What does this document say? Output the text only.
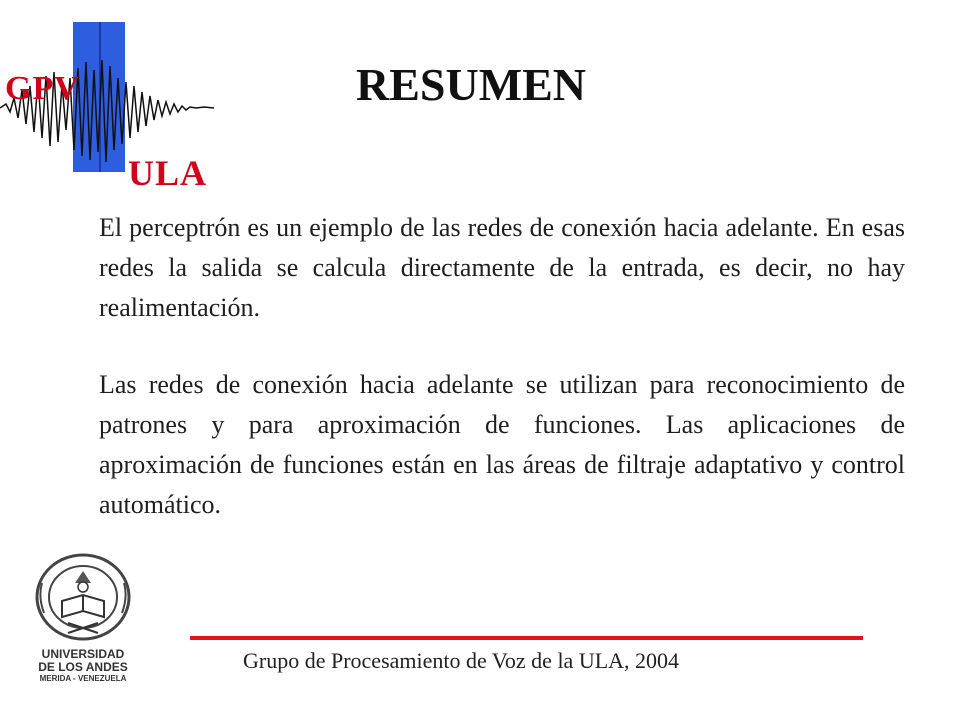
GPV
ULA
RESUMEN

El perceptrón es un ejemplo de las redes de conexión hacia adelante. En esas redes la salida se calcula directamente de la entrada, es decir, no hay realimentación.

Las redes de conexión hacia adelante se utilizan para reconocimiento de patrones y para aproximación de funciones. Las aplicaciones de aproximación de funciones están en las áreas de filtraje adaptativo y control automático.

UNIVERSIDAD
DE LOS ANDES
MERIDA - VENEZUELA
Grupo de Procesamiento de Voz de la ULA, 2004
